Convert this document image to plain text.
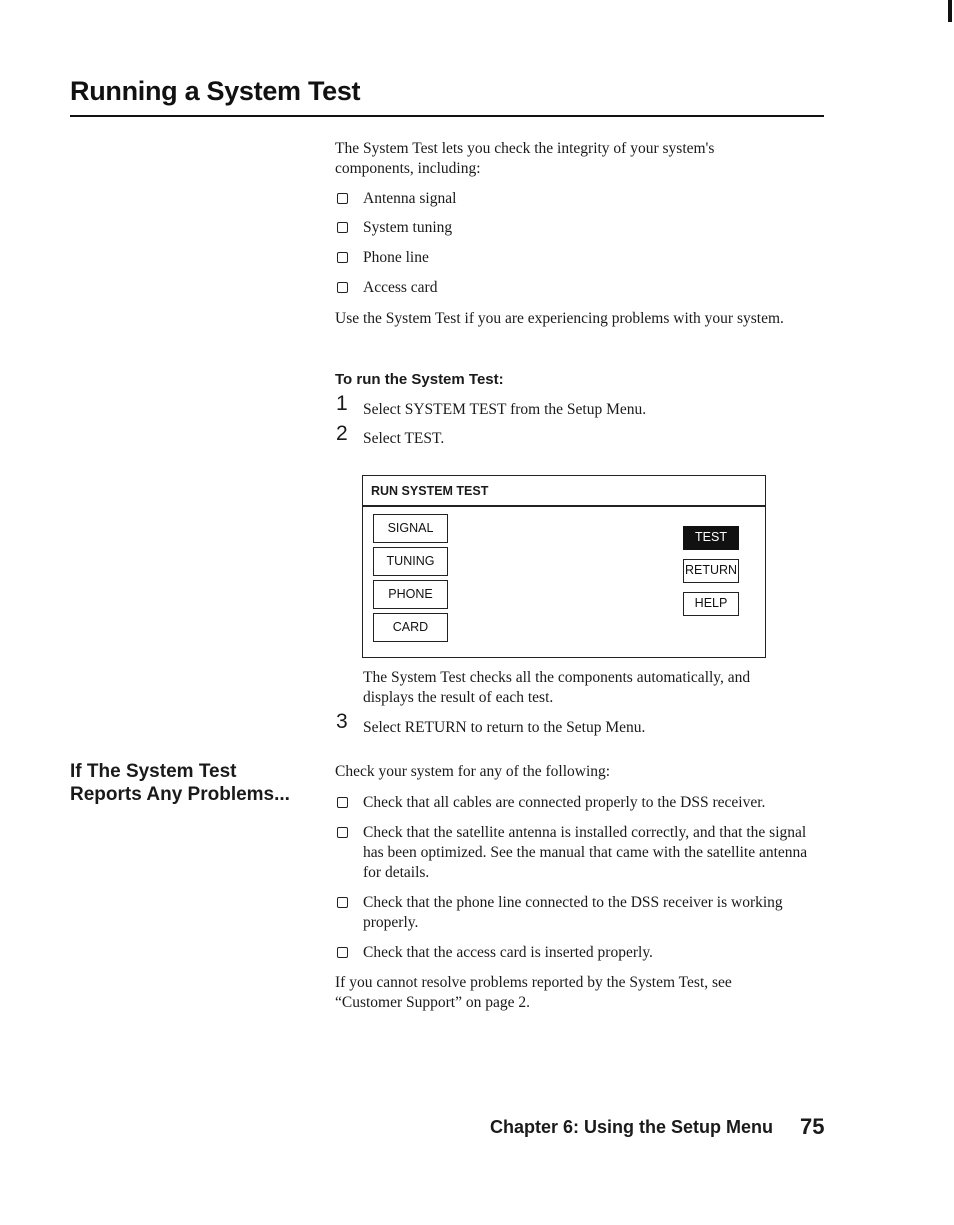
Running a System Test
The System Test lets you check the integrity of your system's components, including:
Antenna signal
System tuning
Phone line
Access card
Use the System Test if you are experiencing problems with your system.
To run the System Test:
1 Select SYSTEM TEST from the Setup Menu.
2 Select TEST.
RUN SYSTEM TEST
SIGNAL
TUNING
PHONE
CARD
TEST
RETURN
HELP
The System Test checks all the components automatically, and displays the result of each test.
3 Select RETURN to return to the Setup Menu.
If The System Test Reports Any Problems...
Check your system for any of the following:
Check that all cables are connected properly to the DSS receiver.
Check that the satellite antenna is installed correctly, and that the signal has been optimized. See the manual that came with the satellite antenna for details.
Check that the phone line connected to the DSS receiver is working properly.
Check that the access card is inserted properly.
If you cannot resolve problems reported by the System Test, see “Customer Support” on page 2.
Chapter 6: Using the Setup Menu 75
